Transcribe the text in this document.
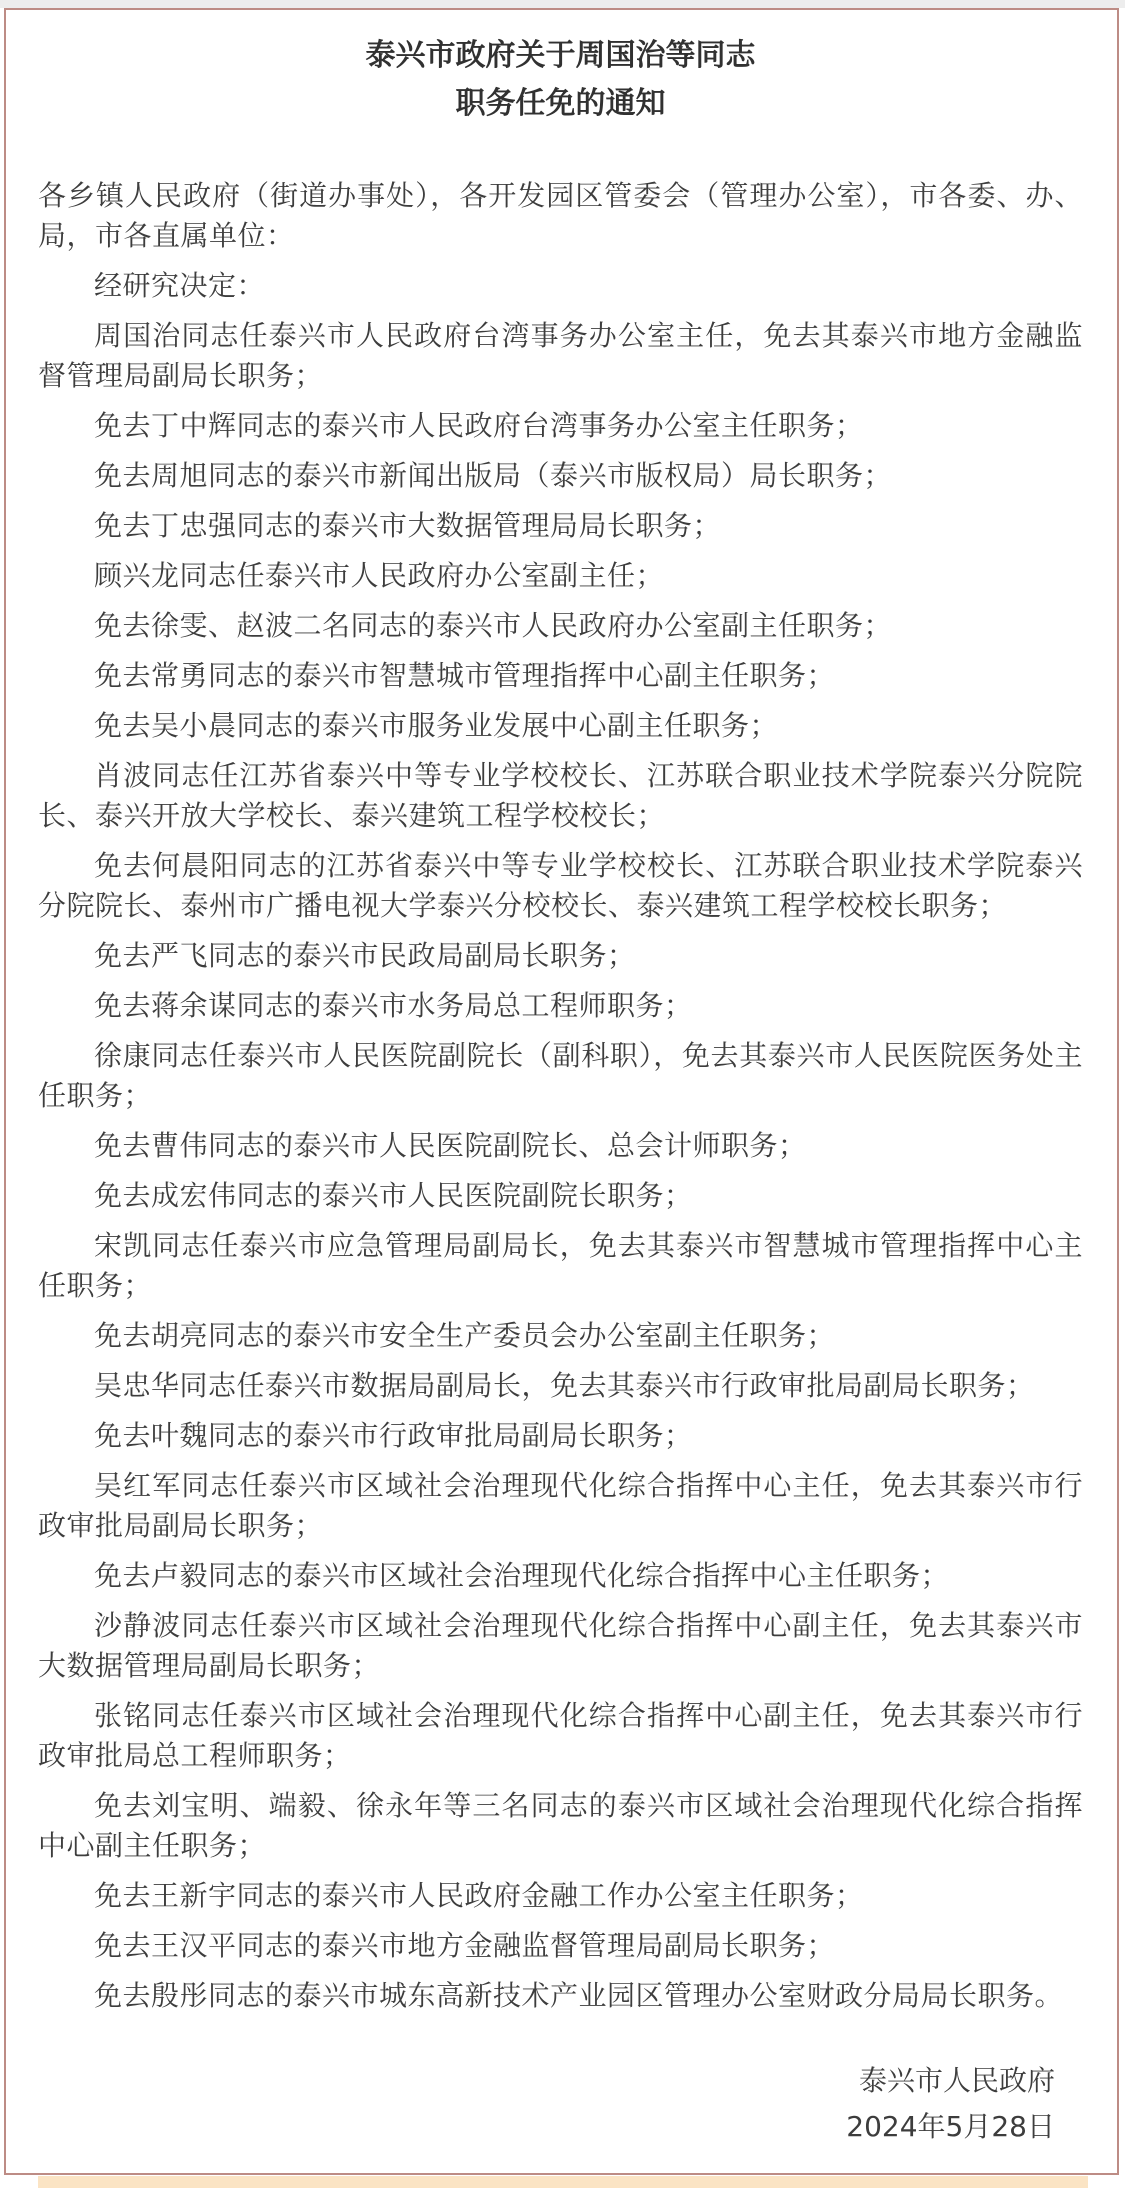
泰兴市政府关于周国治等同志
职务任免的通知

各乡镇人民政府（街道办事处），各开发园区管委会（管理办公室），市各委、办、局，市各直属单位：

经研究决定：

周国治同志任泰兴市人民政府台湾事务办公室主任，免去其泰兴市地方金融监督管理局副局长职务；

免去丁中辉同志的泰兴市人民政府台湾事务办公室主任职务；

免去周旭同志的泰兴市新闻出版局（泰兴市版权局）局长职务；

免去丁忠强同志的泰兴市大数据管理局局长职务；

顾兴龙同志任泰兴市人民政府办公室副主任；

免去徐雯、赵波二名同志的泰兴市人民政府办公室副主任职务；

免去常勇同志的泰兴市智慧城市管理指挥中心副主任职务；

免去吴小晨同志的泰兴市服务业发展中心副主任职务；

肖波同志任江苏省泰兴中等专业学校校长、江苏联合职业技术学院泰兴分院院长、泰兴开放大学校长、泰兴建筑工程学校校长；

免去何晨阳同志的江苏省泰兴中等专业学校校长、江苏联合职业技术学院泰兴分院院长、泰州市广播电视大学泰兴分校校长、泰兴建筑工程学校校长职务；

免去严飞同志的泰兴市民政局副局长职务；

免去蒋余谋同志的泰兴市水务局总工程师职务；

徐康同志任泰兴市人民医院副院长（副科职），免去其泰兴市人民医院医务处主任职务；

免去曹伟同志的泰兴市人民医院副院长、总会计师职务；

免去成宏伟同志的泰兴市人民医院副院长职务；

宋凯同志任泰兴市应急管理局副局长，免去其泰兴市智慧城市管理指挥中心主任职务；

免去胡亮同志的泰兴市安全生产委员会办公室副主任职务；

吴忠华同志任泰兴市数据局副局长，免去其泰兴市行政审批局副局长职务；

免去叶魏同志的泰兴市行政审批局副局长职务；

吴红军同志任泰兴市区域社会治理现代化综合指挥中心主任，免去其泰兴市行政审批局副局长职务；

免去卢毅同志的泰兴市区域社会治理现代化综合指挥中心主任职务；

沙静波同志任泰兴市区域社会治理现代化综合指挥中心副主任，免去其泰兴市大数据管理局副局长职务；

张铭同志任泰兴市区域社会治理现代化综合指挥中心副主任，免去其泰兴市行政审批局总工程师职务；

免去刘宝明、端毅、徐永年等三名同志的泰兴市区域社会治理现代化综合指挥中心副主任职务；

免去王新宇同志的泰兴市人民政府金融工作办公室主任职务；

免去王汉平同志的泰兴市地方金融监督管理局副局长职务；

免去殷彤同志的泰兴市城东高新技术产业园区管理办公室财政分局局长职务。

泰兴市人民政府
2024年5月28日
